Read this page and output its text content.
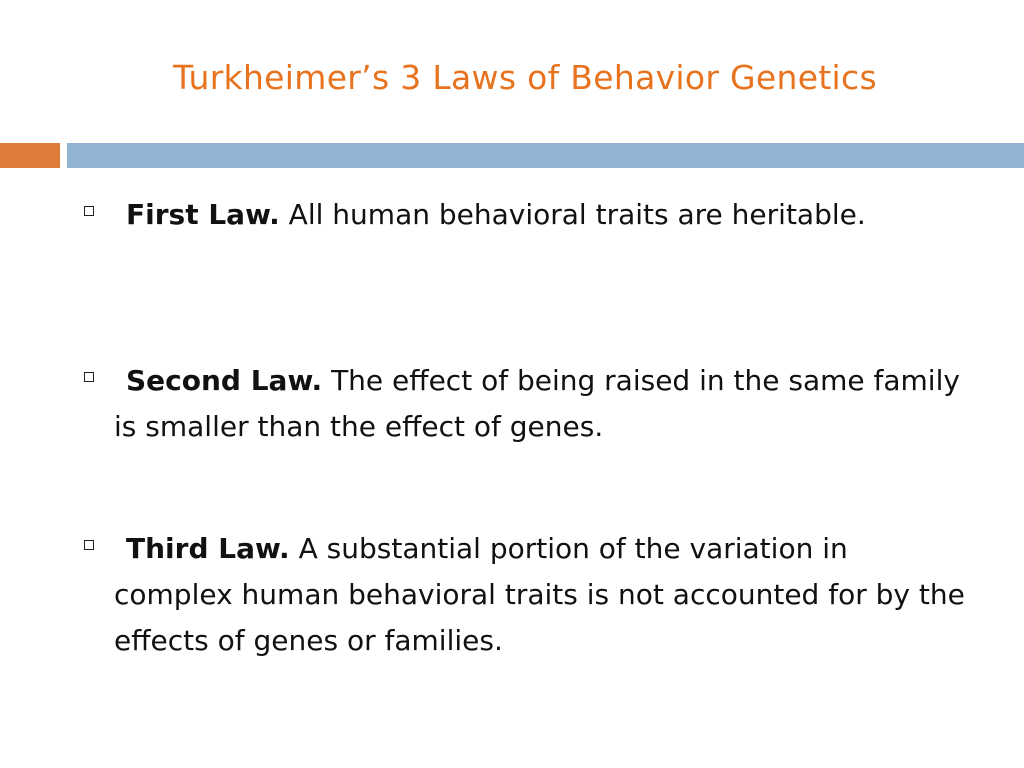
Turkheimer’s 3 Laws of Behavior Genetics
First Law. All human behavioral traits are heritable.
Second Law. The effect of being raised in the same family is smaller than the effect of genes.
Third Law. A substantial portion of the variation in complex human behavioral traits is not accounted for by the effects of genes or families.
